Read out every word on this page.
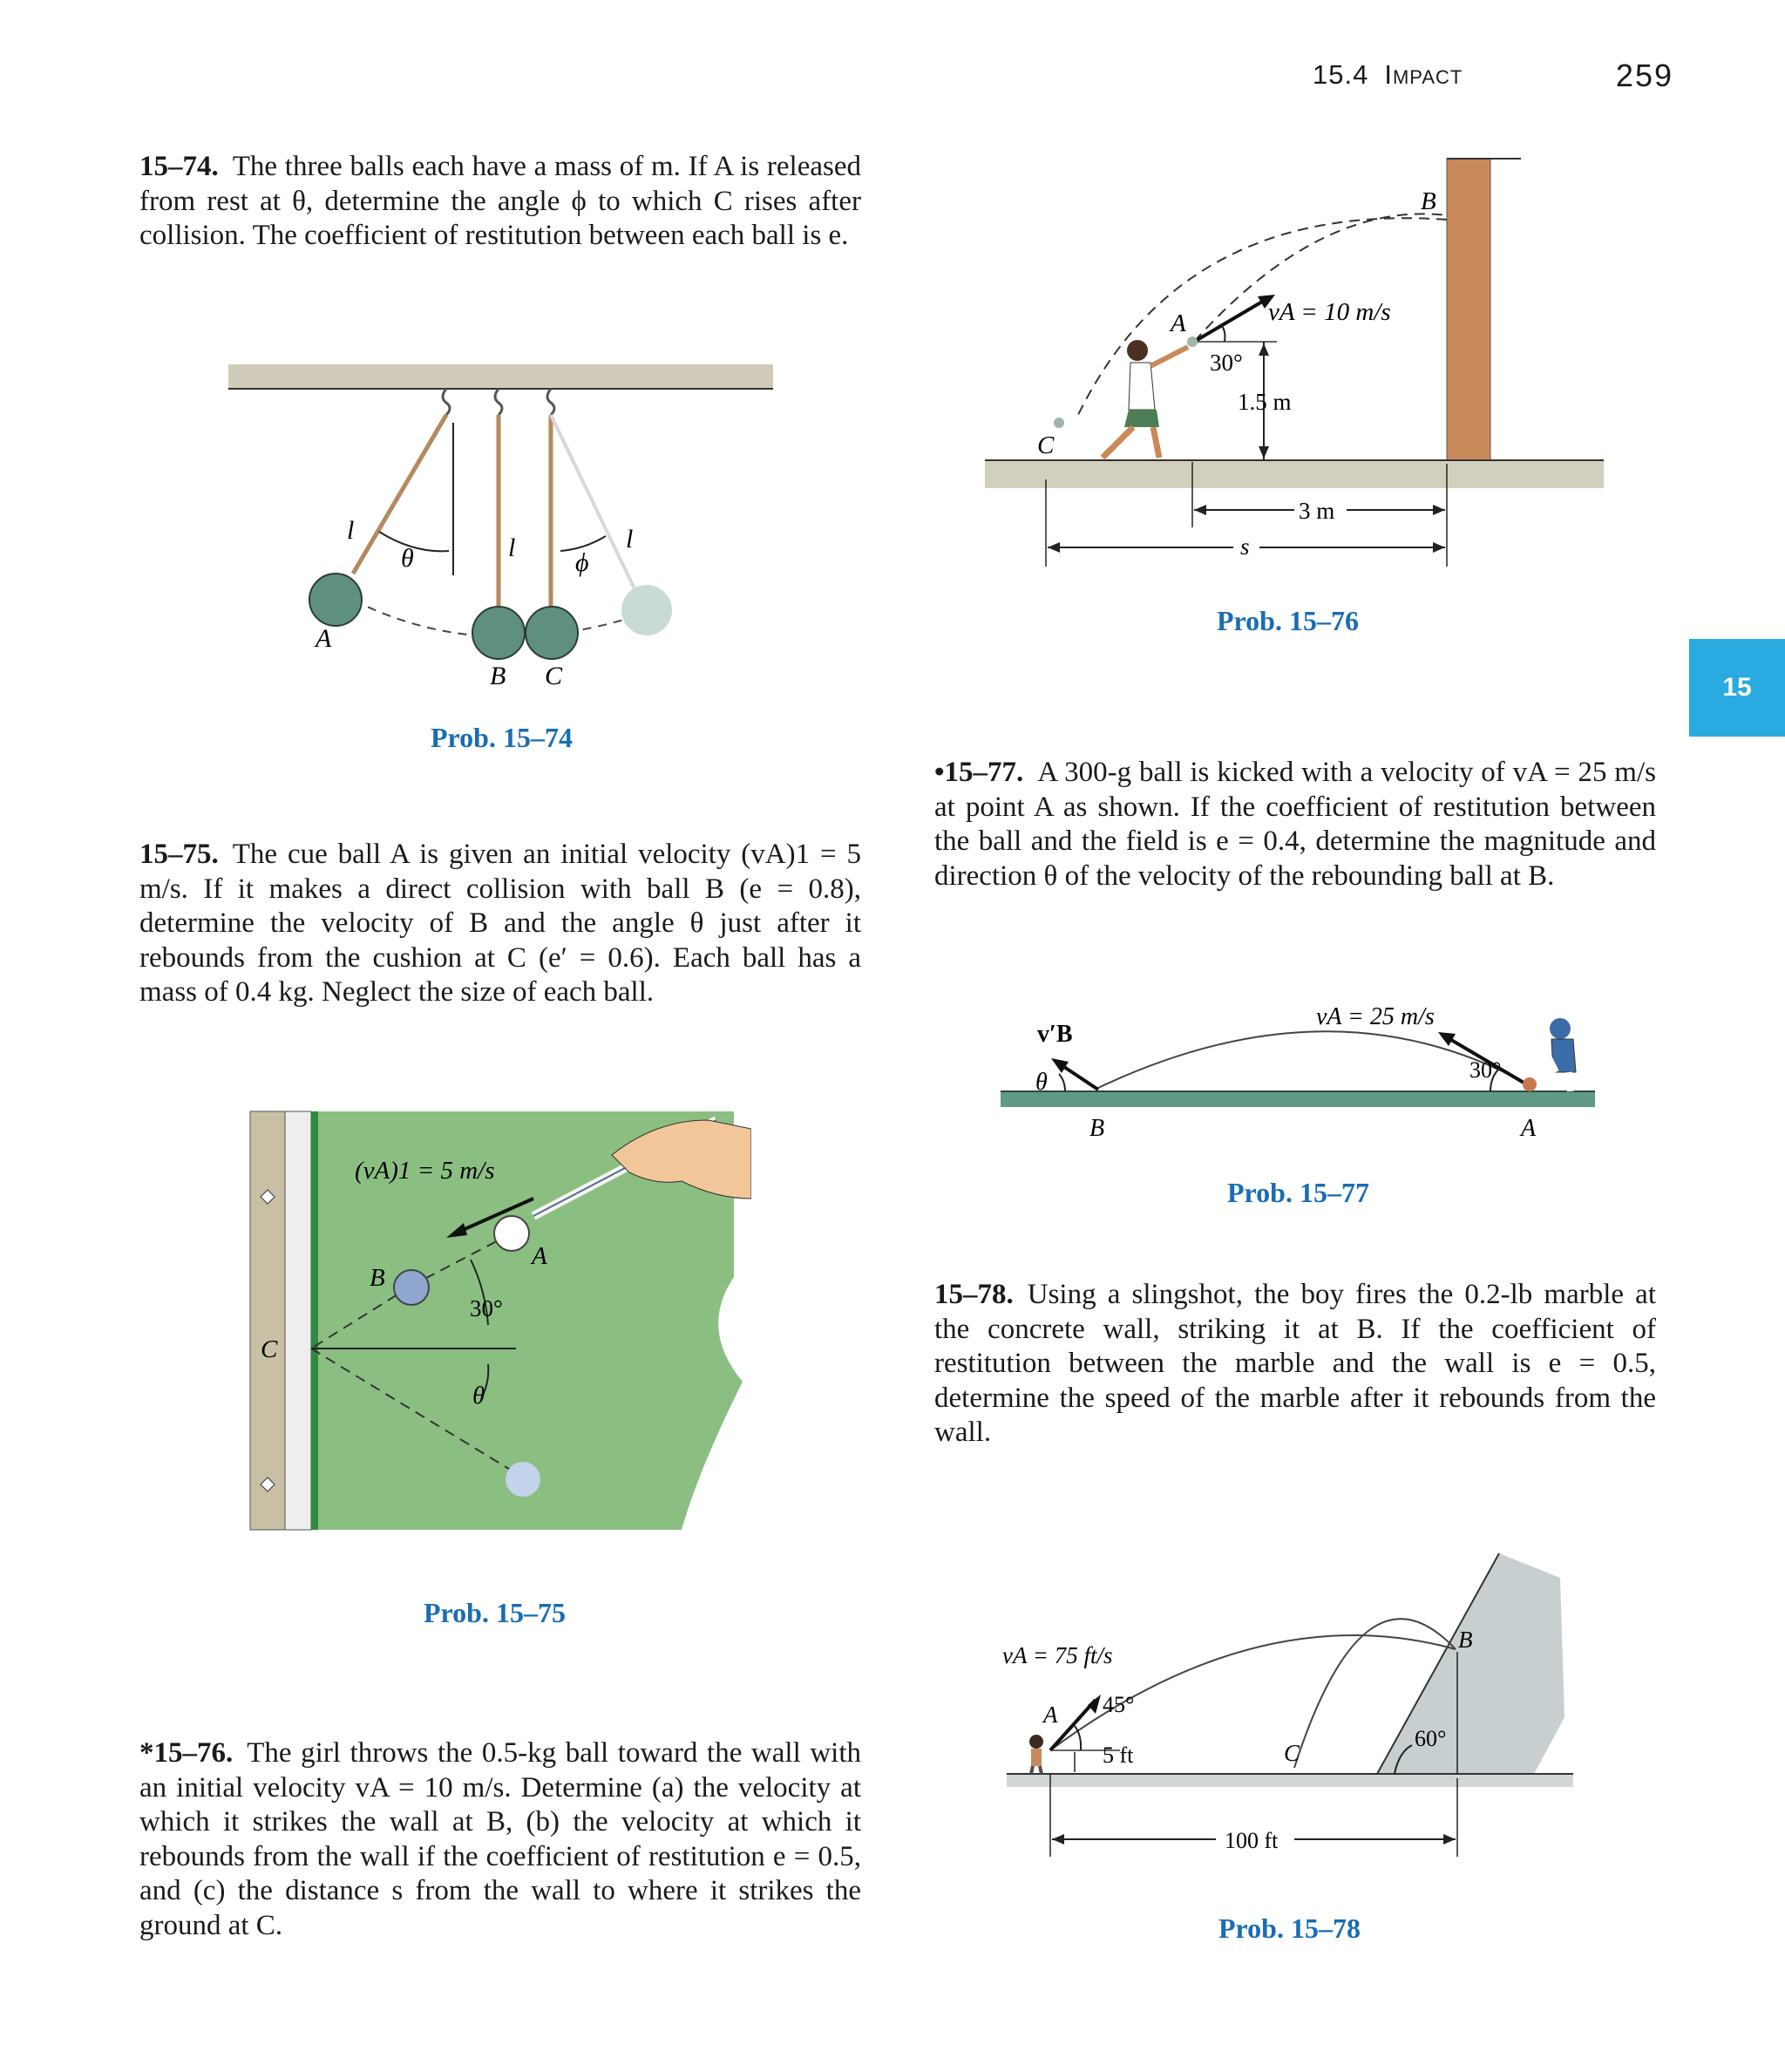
15.4 Impact	259
15
15–74. The three balls each have a mass of m. If A is released from rest at θ, determine the angle ϕ to which C rises after collision. The coefficient of restitution between each ball is e.
l
θ	l
ϕ
l
A
B C
Prob. 15–74
15–75. The cue ball A is given an initial velocity (vA)1 = 5 m/s. If it makes a direct collision with ball B (e = 0.8), determine the velocity of B and the angle θ just after it rebounds from the cushion at C (e′ = 0.6). Each ball has a mass of 0.4 kg. Neglect the size of each ball.
(vA)1 = 5 m/s
A
B
C
30°
θ
Prob. 15–75
*15–76. The girl throws the 0.5-kg ball toward the wall with an initial velocity vA = 10 m/s. Determine (a) the velocity at which it strikes the wall at B, (b) the velocity at which it rebounds from the wall if the coefficient of restitution e = 0.5, and (c) the distance s from the wall to where it strikes the ground at C.
vA = 10 m/s
A
B
C
30°
1.5 m
3 m
s
Prob. 15–76
•15–77. A 300-g ball is kicked with a velocity of vA = 25 m/s at point A as shown. If the coefficient of restitution between the ball and the field is e = 0.4, determine the magnitude and direction θ of the velocity of the rebounding ball at B.
vA = 25 m/s
30°
v′B
θ
B	A
Prob. 15–77
15–78. Using a slingshot, the boy fires the 0.2-lb marble at the concrete wall, striking it at B. If the coefficient of restitution between the marble and the wall is e = 0.5, determine the speed of the marble after it rebounds from the wall.
vA = 75 ft/s
A 45°
5 ft	C
B
60°
100 ft
Prob. 15–78
